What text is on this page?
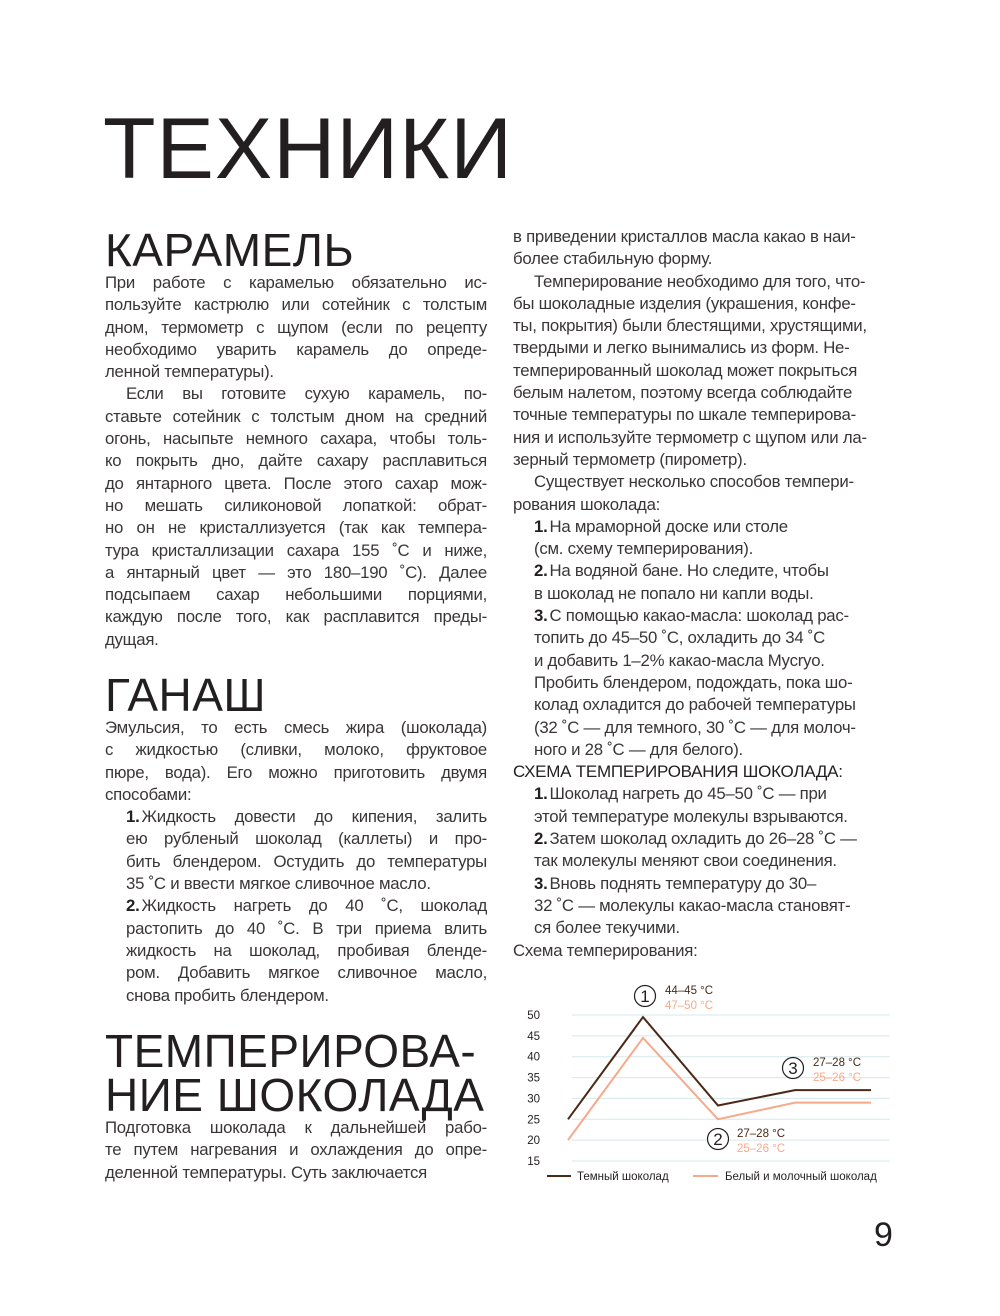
ТЕХНИКИ
КАРАМЕЛЬ
При работе с карамелью обязательно ис-
пользуйте кастрюлю или сотейник с толстым
дном, термометр с щупом (если по рецепту
необходимо уварить карамель до опреде-
ленной температуры).
Если вы готовите сухую карамель, по-
ставьте сотейник с толстым дном на средний
огонь, насыпьте немного сахара, чтобы толь-
ко покрыть дно, дайте сахару расплавиться
до янтарного цвета. После этого сахар мож-
но мешать силиконовой лопаткой: обрат-
но он не кристаллизуется (так как темпера-
тура кристаллизации сахара 155 ˚С и ниже,
а янтарный цвет — это 180–190 ˚С). Далее
подсыпаем сахар небольшими порциями,
каждую после того, как расплавится преды-
дущая.
ГАНАШ
Эмульсия, то есть смесь жира (шоколада)
с жидкостью (сливки, молоко, фруктовое
пюре, вода). Его можно приготовить двумя
способами:
1. Жидкость довести до кипения, залить
ею рубленый шоколад (каллеты) и про-
бить блендером. Остудить до температуры
35 ˚С и ввести мягкое сливочное масло.
2. Жидкость нагреть до 40 ˚С, шоколад
растопить до 40 ˚С. В три приема влить
жидкость на шоколад, пробивая бленде-
ром. Добавить мягкое сливочное масло,
снова пробить блендером.
ТЕМПЕРИРОВА-
НИЕ ШОКОЛАДА
Подготовка шоколада к дальнейшей рабо-
те путем нагревания и охлаждения до опре-
деленной температуры. Суть заключается
в приведении кристаллов масла какао в наи-
более стабильную форму.
Темперирование необходимо для того, что-
бы шоколадные изделия (украшения, конфе-
ты, покрытия) были блестящими, хрустящими,
твердыми и легко вынимались из форм. Не-
темперированный шоколад может покрыться
белым налетом, поэтому всегда соблюдайте
точные температуры по шкале темперирова-
ния и используйте термометр с щупом или ла-
зерный термометр (пирометр).
Существует несколько способов темпери-
рования шоколада:
1. На мраморной доске или столе
(см. схему темперирования).
2. На водяной бане. Но следите, чтобы
в шоколад не попало ни капли воды.
3. С помощью какао-масла: шоколад рас-
топить до 45–50 ˚С, охладить до 34 ˚С
и добавить 1–2% какао-масла Mycryo.
Пробить блендером, подождать, пока шо-
колад охладится до рабочей температуры
(32 ˚С — для темного, 30 ˚С — для молоч-
ного и 28 ˚С — для белого).
СХЕМА ТЕМПЕРИРОВАНИЯ ШОКОЛАДА:
1. Шоколад нагреть до 45–50 ˚С — при
этой температуре молекулы взрываются.
2. Затем шоколад охладить до 26–28 ˚С —
так молекулы меняют свои соединения.
3. Вновь поднять температуру до 30–
32 ˚С — молекулы какао-масла становят-
ся более текучими.
Схема темперирования:
15
20
25
30
35
40
45
50
1 44–45 °C
47–50 °C
2 27–28 °C
25–26 °C
3 27–28 °C
25–26 °C
Темный шоколад	Белый и молочный шоколад
9
